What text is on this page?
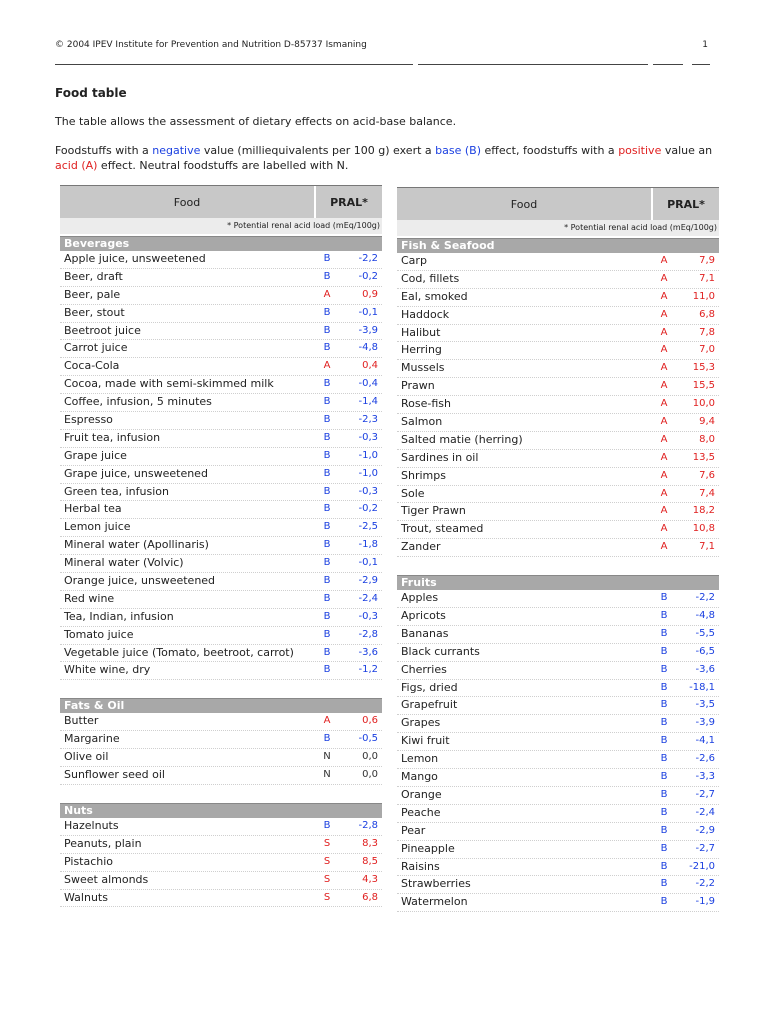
© 2004 IPEV Institute for Prevention and Nutrition D-85737 Ismaning	1
Food table
The table allows the assessment of dietary effects on acid-base balance.
Foodstuffs with a negative value (milliequivalents per 100 g) exert a base (B) effect, foodstuffs with a positive value an
acid (A) effect. Neutral foodstuffs are labelled with N.
Food	PRAL*
* Potential renal acid load (mEq/100g)
Beverages
Apple juice, unsweetened	B	-2,2
Beer, draft	B	-0,2
Beer, pale	A	0,9
Beer, stout	B	-0,1
Beetroot juice	B	-3,9
Carrot juice	B	-4,8
Coca-Cola	A	0,4
Cocoa, made with semi-skimmed milk	B	-0,4
Coffee, infusion, 5 minutes	B	-1,4
Espresso	B	-2,3
Fruit tea, infusion	B	-0,3
Grape juice	B	-1,0
Grape juice, unsweetened	B	-1,0
Green tea, infusion	B	-0,3
Herbal tea	B	-0,2
Lemon juice	B	-2,5
Mineral water (Apollinaris)	B	-1,8
Mineral water (Volvic)	B	-0,1
Orange juice, unsweetened	B	-2,9
Red wine	B	-2,4
Tea, Indian, infusion	B	-0,3
Tomato juice	B	-2,8
Vegetable juice (Tomato, beetroot, carrot)	B	-3,6
White wine, dry	B	-1,2
Fats & Oil
Butter	A	0,6
Margarine	B	-0,5
Olive oil	N	0,0
Sunflower seed oil	N	0,0
Nuts
Hazelnuts	B	-2,8
Peanuts, plain	S	8,3
Pistachio	S	8,5
Sweet almonds	S	4,3
Walnuts	S	6,8
Food	PRAL*
* Potential renal acid load (mEq/100g)
Fish & Seafood
Carp	A	7,9
Cod, fillets	A	7,1
Eal, smoked	A	11,0
Haddock	A	6,8
Halibut	A	7,8
Herring	A	7,0
Mussels	A	15,3
Prawn	A	15,5
Rose-fish	A	10,0
Salmon	A	9,4
Salted matie (herring)	A	8,0
Sardines in oil	A	13,5
Shrimps	A	7,6
Sole	A	7,4
Tiger Prawn	A	18,2
Trout, steamed	A	10,8
Zander	A	7,1
Fruits
Apples	B	-2,2
Apricots	B	-4,8
Bananas	B	-5,5
Black currants	B	-6,5
Cherries	B	-3,6
Figs, dried	B	-18,1
Grapefruit	B	-3,5
Grapes	B	-3,9
Kiwi fruit	B	-4,1
Lemon	B	-2,6
Mango	B	-3,3
Orange	B	-2,7
Peache	B	-2,4
Pear	B	-2,9
Pineapple	B	-2,7
Raisins	B	-21,0
Strawberries	B	-2,2
Watermelon	B	-1,9
